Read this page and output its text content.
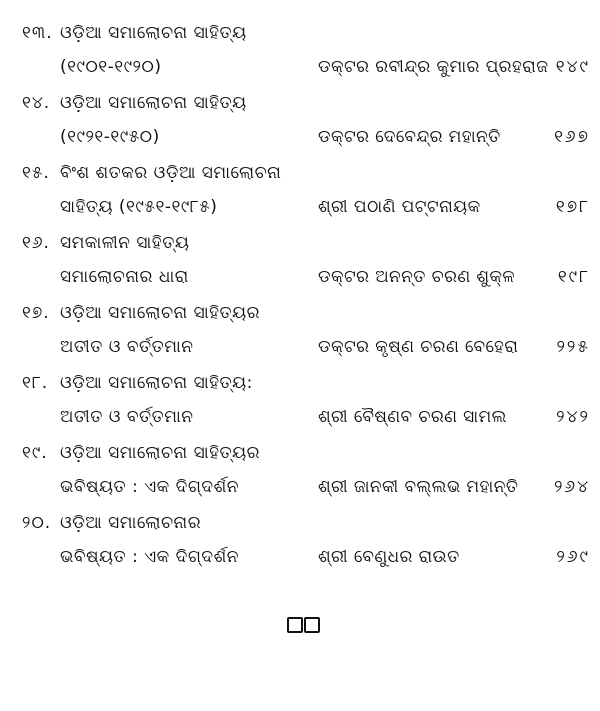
୧୩. ଓଡ଼ିଆ ସମାଲୋଚନା ସାହିତ୍ୟ
(୧୯୦୧-୧୯୨୦)	ଡକ୍ଟର ରବୀନ୍ଦ୍ର କୁମାର ପ୍ରହରାଜ ୧୪୯
୧୪. ଓଡ଼ିଆ ସମାଲୋଚନା ସାହିତ୍ୟ
(୧୯୨୧-୧୯୫୦)	ଡକ୍ଟର ଦେବେନ୍ଦ୍ର ମହାନ୍ତି	୧୬୭
୧୫. ବିଂଶ ଶତକର ଓଡ଼ିଆ ସମାଲୋଚନା
ସାହିତ୍ୟ (୧୯୫୧-୧୯୮୫)	ଶ୍ରୀ ପଠାଣି ପଟ୍ଟନାୟକ	୧୭୮
୧୬. ସମକାଳୀନ ସାହିତ୍ୟ
ସମାଲୋଚନାର ଧାରା	ଡକ୍ଟର ଅନନ୍ତ ଚରଣ ଶୁକ୍ଳ	୧୯୮
୧୭. ଓଡ଼ିଆ ସମାଲୋଚନା ସାହିତ୍ୟର
ଅତୀତ ଓ ବର୍ତ୍ତମାନ	ଡକ୍ଟର କୃଷ୍ଣ ଚରଣ ବେହେରା	୨୨୫
୧୮. ଓଡ଼ିଆ ସମାଲୋଚନା ସାହିତ୍ୟ:
ଅତୀତ ଓ ବର୍ତ୍ତମାନ	ଶ୍ରୀ ବୈଷ୍ଣବ ଚରଣ ସାମଲ	୨୪୨
୧୯. ଓଡ଼ିଆ ସମାଲୋଚନା ସାହିତ୍ୟର
ଭବିଷ୍ୟତ : ଏକ ଦିଗ୍‌ଦର୍ଶନ	ଶ୍ରୀ ଜାନକୀ ବଲ୍ଲଭ ମହାନ୍ତି	୨୬୪
୨୦. ଓଡ଼ିଆ ସମାଲୋଚନାର
ଭବିଷ୍ୟତ : ଏକ ଦିଗ୍‌ଦର୍ଶନ	ଶ୍ରୀ ବେଣୁଧର ରାଉତ	୨୬୯
